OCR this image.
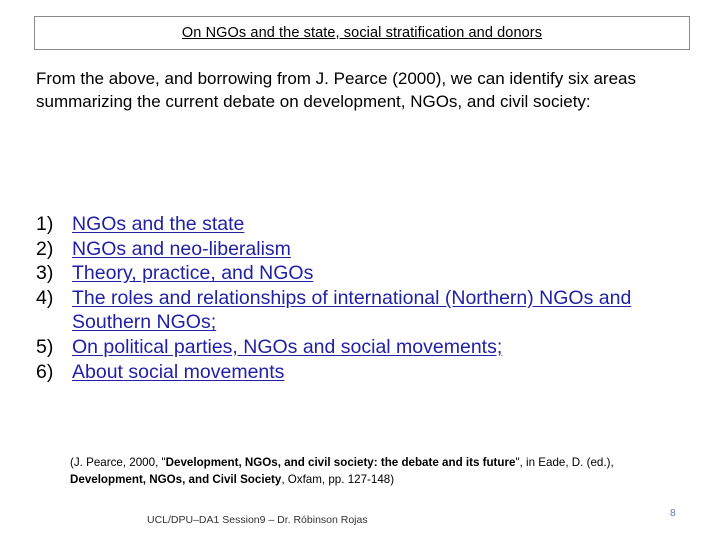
On NGOs and the state, social stratification and donors
From the above, and borrowing from J. Pearce (2000), we can identify six areas summarizing the current debate on development, NGOs, and civil society:
1) NGOs and the state
2) NGOs and neo-liberalism
3) Theory, practice, and NGOs
4) The roles and relationships of international (Northern) NGOs and Southern NGOs;
5) On political parties, NGOs and social movements;
6) About social movements
(J. Pearce, 2000, "Development, NGOs, and civil society: the debate and its future", in Eade, D. (ed.), Development, NGOs, and Civil Society, Oxfam, pp. 127-148)
UCL/DPU–DA1 Session9 – Dr. Róbinson Rojas
8
